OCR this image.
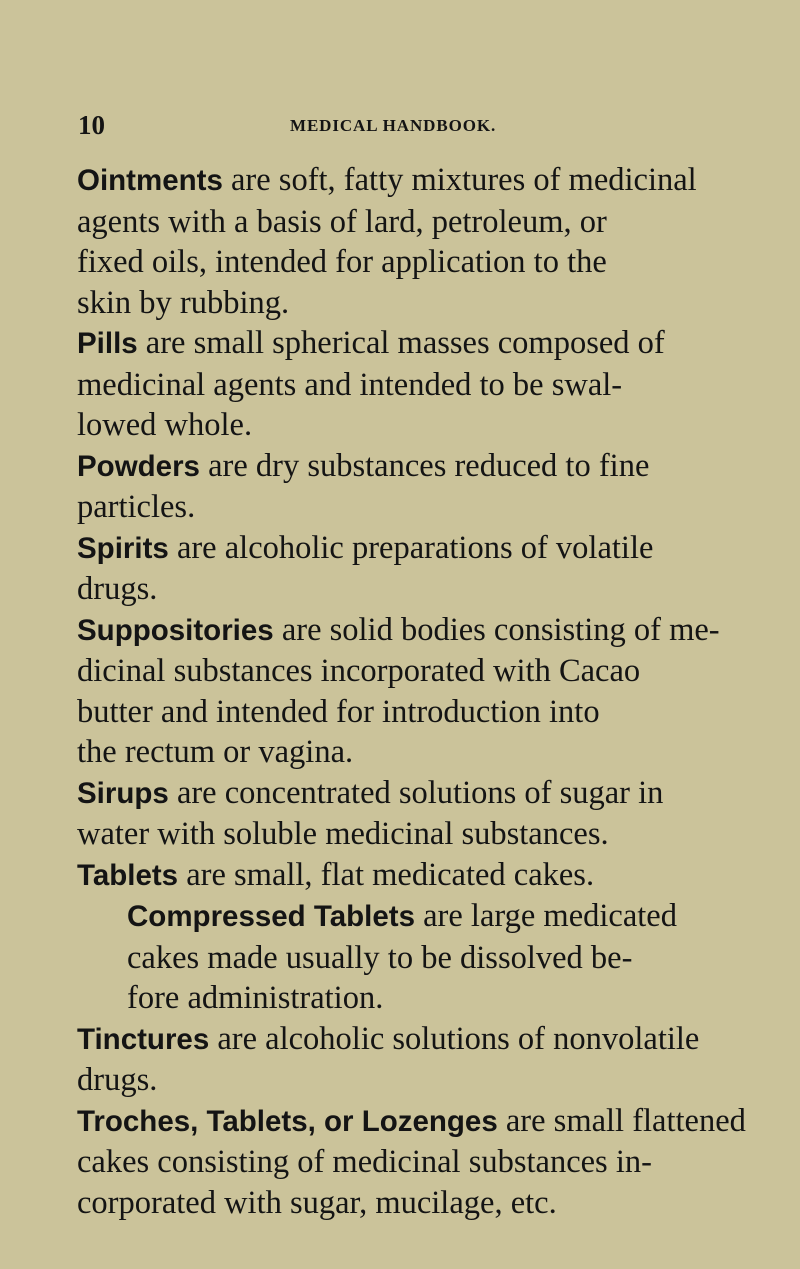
10	MEDICAL HANDBOOK.

Ointments are soft, fatty mixtures of medicinal
agents with a basis of lard, petroleum, or
fixed oils, intended for application to the
skin by rubbing.

Pills are small spherical masses composed of
medicinal agents and intended to be swal-
lowed whole.

Powders are dry substances reduced to fine
particles.

Spirits are alcoholic preparations of volatile
drugs.

Suppositories are solid bodies consisting of me-
dicinal substances incorporated with Cacao
butter and intended for introduction into
the rectum or vagina.

Sirups are concentrated solutions of sugar in
water with soluble medicinal substances.

Tablets are small, flat medicated cakes.

Compressed Tablets are large medicated
cakes made usually to be dissolved be-
fore administration.

Tinctures are alcoholic solutions of nonvolatile
drugs.

Troches, Tablets, or Lozenges are small flattened
cakes consisting of medicinal substances in-
corporated with sugar, mucilage, etc.
